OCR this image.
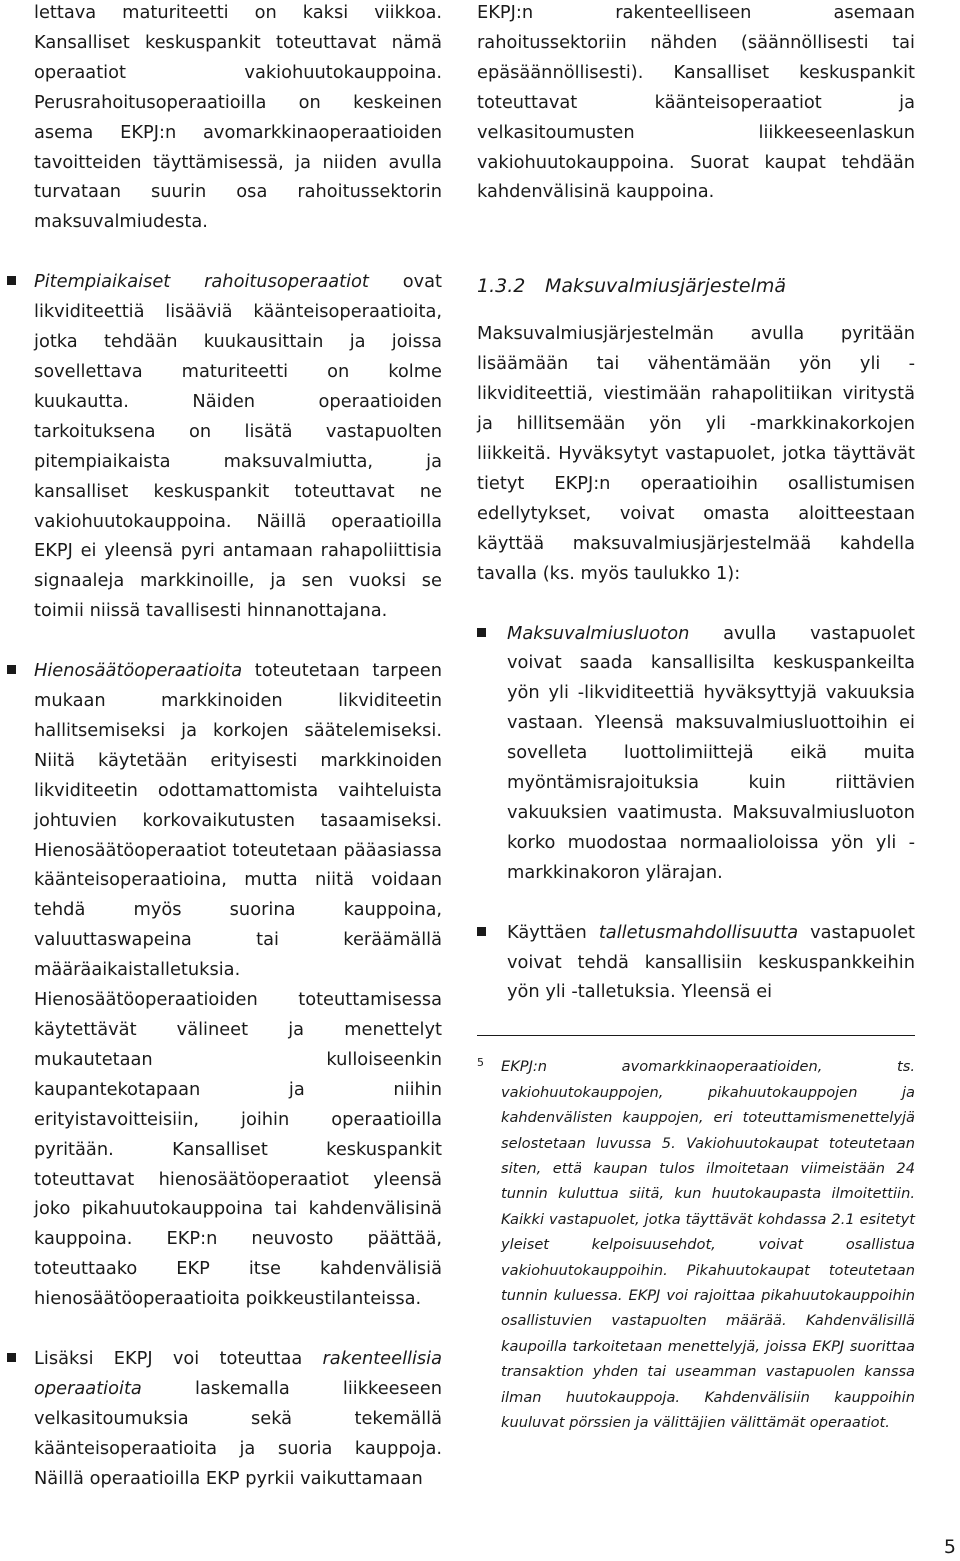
lettava maturiteetti on kaksi viikkoa. Kansalliset keskuspankit toteuttavat nämä operaatiot vakiohuutokauppoina. Perusrahoitusoperaatioilla on keskeinen asema EKPJ:n avomarkkinaoperaatioiden tavoitteiden täyttämisessä, ja niiden avulla turvataan suurin osa rahoitussektorin maksuvalmiudesta.

Pitempiaikaiset rahoitusoperaatiot ovat likviditeettiä lisääviä käänteisoperaatioita, jotka tehdään kuukausittain ja joissa sovellettava maturiteetti on kolme kuukautta. Näiden operaatioiden tarkoituksena on lisätä vastapuolten pitempiaikaista maksuvalmiutta, ja kansalliset keskuspankit toteuttavat ne vakiohuutokauppoina. Näillä operaatioilla EKPJ ei yleensä pyri antamaan rahapoliittisia signaaleja markkinoille, ja sen vuoksi se toimii niissä tavallisesti hinnanottajana.

Hienosäätöoperaatioita toteutetaan tarpeen mukaan markkinoiden likviditeetin hallitsemiseksi ja korkojen säätelemiseksi. Niitä käytetään erityisesti markkinoiden likviditeetin odottamattomista vaihteluista johtuvien korkovaikutusten tasaamiseksi. Hienosäätöoperaatiot toteutetaan pääasiassa käänteisoperaatioina, mutta niitä voidaan tehdä myös suorina kauppoina, valuuttaswapeina tai keräämällä määräaikaistalletuksia. Hienosäätöoperaatioiden toteuttamisessa käytettävät välineet ja menettelyt mukautetaan kulloiseenkin kaupantekotapaan ja niihin erityistavoitteisiin, joihin operaatioilla pyritään. Kansalliset keskuspankit toteuttavat hienosäätöoperaatiot yleensä joko pikahuutokauppoina tai kahdenvälisinä kauppoina. EKP:n neuvosto päättää, toteuttaako EKP itse kahdenvälisiä hienosäätöoperaatioita poikkeustilanteissa.

Lisäksi EKPJ voi toteuttaa rakenteellisia operaatioita laskemalla liikkeeseen velkasitoumuksia sekä tekemällä käänteisoperaatioita ja suoria kauppoja. Näillä operaatioilla EKP pyrkii vaikuttamaan

EKPJ:n rakenteelliseen asemaan rahoitussektoriin nähden (säännöllisesti tai epäsäännöllisesti). Kansalliset keskuspankit toteuttavat käänteisoperaatiot ja velkasitoumusten liikkeeseenlaskun vakiohuutokauppoina. Suorat kaupat tehdään kahdenvälisinä kauppoina.

1.3.2 Maksuvalmiusjärjestelmä

Maksuvalmiusjärjestelmän avulla pyritään lisäämään tai vähentämään yön yli -likviditeettiä, viestimään rahapolitiikan viritystä ja hillitsemään yön yli -markkinakorkojen liikkeitä. Hyväksytyt vastapuolet, jotka täyttävät tietyt EKPJ:n operaatioihin osallistumisen edellytykset, voivat omasta aloitteestaan käyttää maksuvalmiusjärjestelmää kahdella tavalla (ks. myös taulukko 1):

Maksuvalmiusluoton avulla vastapuolet voivat saada kansallisilta keskuspankeilta yön yli -likviditeettiä hyväksyttyjä vakuuksia vastaan. Yleensä maksuvalmiusluottoihin ei sovelleta luottolimiittejä eikä muita myöntämisrajoituksia kuin riittävien vakuuksien vaatimusta. Maksuvalmiusluoton korko muodostaa normaalioloissa yön yli -markkinakoron ylärajan.

Käyttäen talletusmahdollisuutta vastapuolet voivat tehdä kansallisiin keskuspankkeihin yön yli -talletuksia. Yleensä ei

5 EKPJ:n avomarkkinaoperaatioiden, ts. vakiohuutokauppojen, pikahuutokauppojen ja kahdenvälisten kauppojen, eri toteuttamismenettelyjä selostetaan luvussa 5. Vakiohuutokaupat toteutetaan siten, että kaupan tulos ilmoitetaan viimeistään 24 tunnin kuluttua siitä, kun huutokaupasta ilmoitettiin. Kaikki vastapuolet, jotka täyttävät kohdassa 2.1 esitetyt yleiset kelpoisuusehdot, voivat osallistua vakiohuutokauppoihin. Pikahuutokaupat toteutetaan tunnin kuluessa. EKPJ voi rajoittaa pikahuutokauppoihin osallistuvien vastapuolten määrää. Kahdenvälisillä kaupoilla tarkoitetaan menettelyjä, joissa EKPJ suorittaa transaktion yhden tai useamman vastapuolen kanssa ilman huutokauppoja. Kahdenvälisiin kauppoihin kuuluvat pörssien ja välittäjien välittämät operaatiot.

5
